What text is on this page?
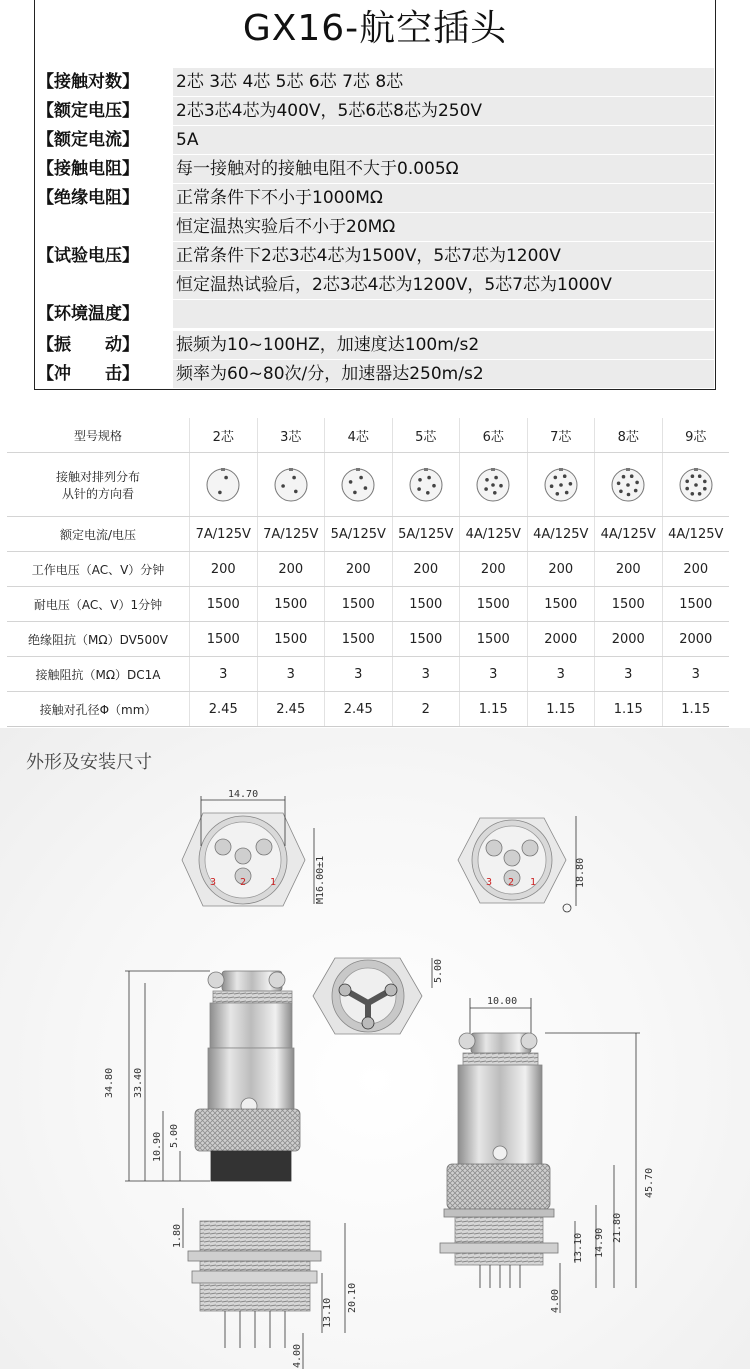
GX16-航空插头
【接触对数】	2芯 3芯 4芯 5芯 6芯 7芯 8芯
【额定电压】	2芯3芯4芯为400V，5芯6芯8芯为250V
【额定电流】	5A
【接触电阻】	每一接触对的接触电阻不大于0.005Ω
【绝缘电阻】	正常条件下不小于1000MΩ
恒定温热实验后不小于20MΩ
【试验电压】	正常条件下2芯3芯4芯为1500V，5芯7芯为1200V
恒定温热试验后，2芯3芯4芯为1200V，5芯7芯为1000V
【环境温度】
【振　　动】	振频为10~100HZ，加速度达100m/s2
【冲　　击】	频率为60~80次/分，加速器达250m/s2
型号规格	2芯	3芯	4芯	5芯	6芯	7芯	8芯	9芯

接触对排列分布
从针的方向看

额定电流/电压	7A/125V	7A/125V	5A/125V	5A/125V	4A/125V	4A/125V	4A/125V	4A/125V
工作电压（AC、V）分钟	200	200	200	200	200	200	200	200
耐电压（AC、V）1分钟	1500	1500	1500	1500	1500	1500	1500	1500
绝缘阻抗（MΩ）DV500V	1500	1500	1500	1500	1500	2000	2000	2000
接触阻抗（MΩ）DC1A	3	3	3	3	3	3	3	3
接触对孔径Φ（mm）	2.45	2.45	2.45	2	1.15	1.15	1.15	1.15
外形及安装尺寸
14.70
M16.00±1
3 2 1	18.80
3 2 1
5.00
34.80 33.40
10.90 5.00
10.00
45.70
21.80
14.90
13.10
4.00
1.80
20.10
13.10
4.00
